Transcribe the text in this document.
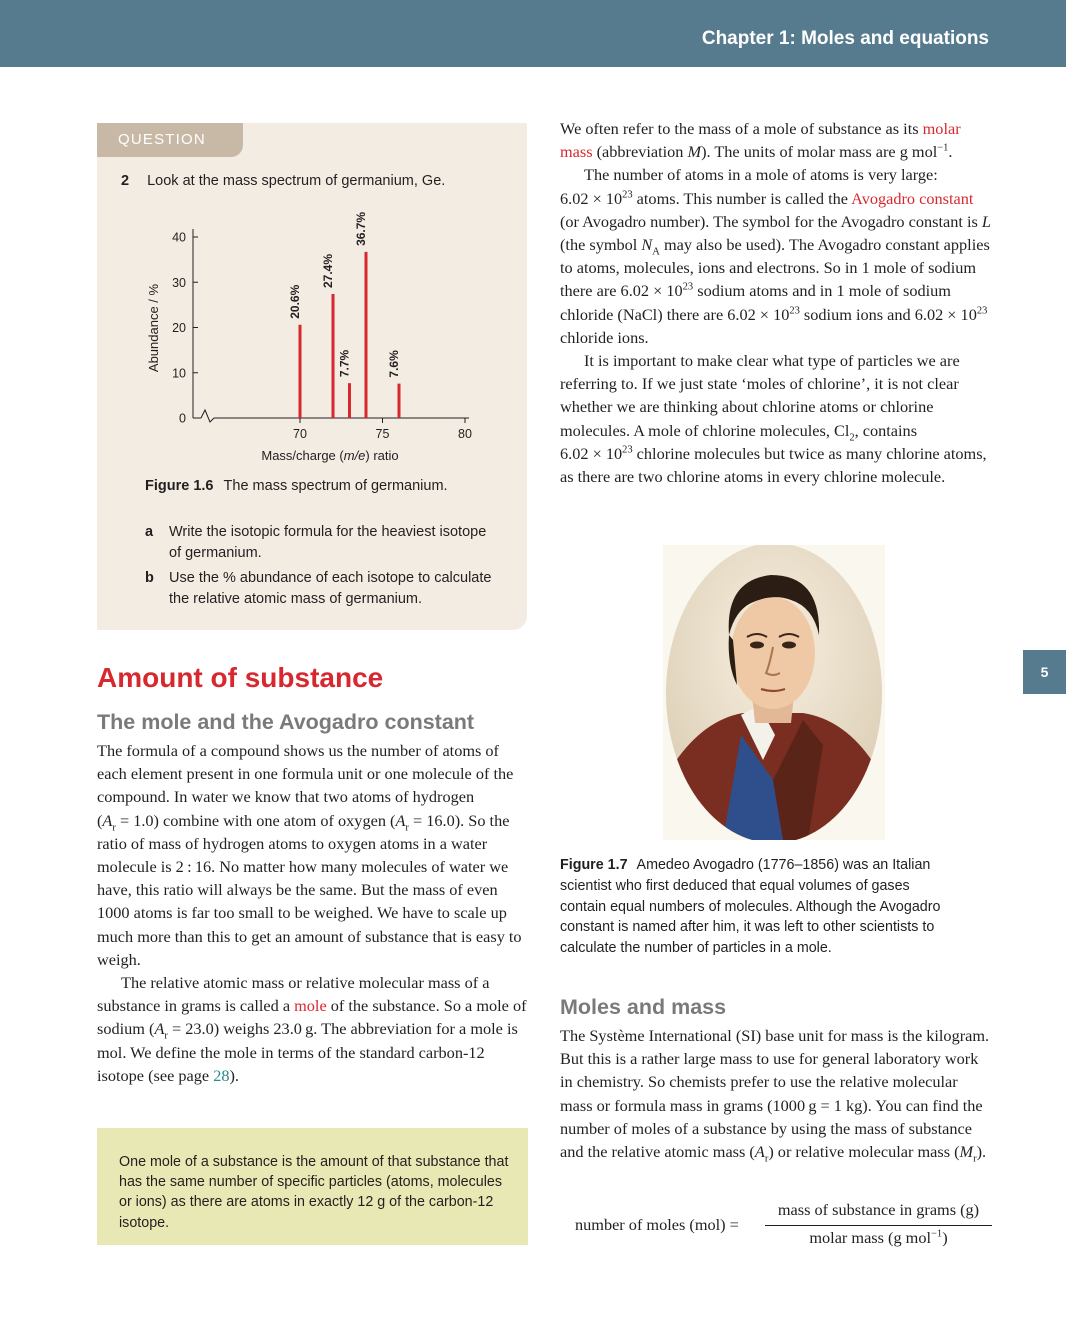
Chapter 1: Moles and equations
5
QUESTION
2 Look at the mass spectrum of germanium, Ge.
Figure 1.6 The mass spectrum of germanium.
a Write the isotopic formula for the heaviest isotope

of germanium.
b Use the % abundance of each isotope to calculate

the relative atomic mass of germanium.
0
10
20
30
40
70	75	80
20.6%
27.4%
7.7%
36.7%
7.6%
Mass/charge (m/e) ratio
Abundance / %
Amount of substance
The mole and the Avogadro constant

The formula of a compound shows us the number of atoms of each element present in one formula unit or one molecule of the compound. In water we know that two atoms of hydrogen $(A_r = 1.0)$ combine with one atom of oxygen $(A_r = 16.0)$. So the ratio of mass of hydrogen atoms to oxygen atoms in a water molecule is 2 : 16. No matter how many molecules of water we have, this ratio will always be the same. But the mass of even 1000 atoms is far too small to be weighed. We have to scale up much more than this to get an amount of substance that is easy to weigh.

The relative atomic mass or relative molecular mass of a substance in grams is called a mole of the substance. So a mole of sodium $(A_r = 23.0)$ weighs 23.0 g. The abbreviation for a mole is mol. We define the mole in terms of the standard carbon-12 isotope (see page 28).

One mole of a substance is the amount of that substance that has the same number of specific particles (atoms, molecules or ions) as there are atoms in exactly 12 g of the carbon-12 isotope.

We often refer to the mass of a mole of substance as its molar mass (abbreviation M). The units of molar mass are g mol$^{-1}$.

The number of atoms in a mole of atoms is very large: $6.02 \times 10^{23}$ atoms. This number is called the Avogadro constant (or Avogadro number). The symbol for the Avogadro constant is L (the symbol $N_A$ may also be used). The Avogadro constant applies to atoms, molecules, ions and electrons. So in 1 mole of sodium there are $6.02 \times 10^{23}$ sodium atoms and in 1 mole of sodium chloride (NaCl) there are $6.02 \times 10^{23}$ sodium ions and $6.02 \times 10^{23}$ chloride ions.

It is important to make clear what type of particles we are referring to. If we just state ‘moles of chlorine’, it is not clear whether we are thinking about chlorine atoms or chlorine molecules. A mole of chlorine molecules, $Cl_2$, contains $6.02 \times 10^{23}$ chlorine molecules but twice as many chlorine atoms, as there are two chlorine atoms in every chlorine molecule.

Figure 1.7 Amedeo Avogadro (1776–1856) was an Italian
scientist who first deduced that equal volumes of gases
contain equal numbers of molecules. Although the Avogadro
constant is named after him, it was left to other scientists to
calculate the number of particles in a mole.
Moles and mass

The Système International (SI) base unit for mass is the kilogram. But this is a rather large mass to use for general laboratory work in chemistry. So chemists prefer to use the relative molecular mass or formula mass in grams (1000 g = 1 kg). You can find the number of moles of a substance by using the mass of substance and the relative atomic mass $(A_r)$ or relative molecular mass $(M_r)$.

number of moles (mol) =
mass of substance in grams (g)
molar mass (g mol$^{-1}$)
